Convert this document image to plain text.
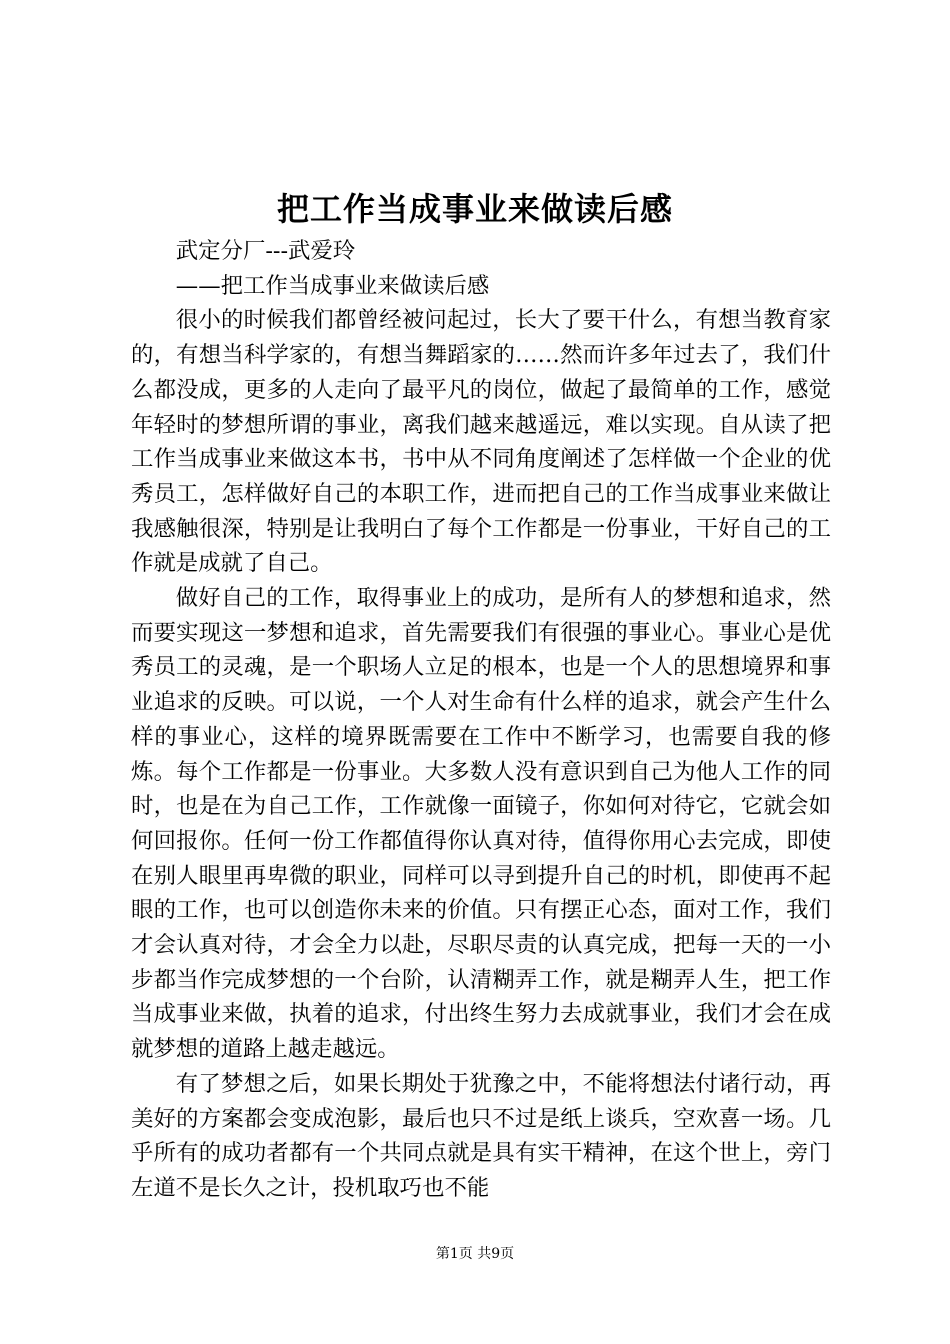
把工作当成事业来做读后感

武定分厂---武爱玲

——把工作当成事业来做读后感

很小的时候我们都曾经被问起过，长大了要干什么，有想当教育家的，有想当科学家的，有想当舞蹈家的……然而许多年过去了，我们什么都没成，更多的人走向了最平凡的岗位，做起了最简单的工作，感觉年轻时的梦想所谓的事业，离我们越来越遥远，难以实现。自从读了把工作当成事业来做这本书，书中从不同角度阐述了怎样做一个企业的优秀员工，怎样做好自己的本职工作，进而把自己的工作当成事业来做让我感触很深，特别是让我明白了每个工作都是一份事业，干好自己的工作就是成就了自己。

做好自己的工作，取得事业上的成功，是所有人的梦想和追求，然而要实现这一梦想和追求，首先需要我们有很强的事业心。事业心是优秀员工的灵魂，是一个职场人立足的根本，也是一个人的思想境界和事业追求的反映。可以说，一个人对生命有什么样的追求，就会产生什么样的事业心，这样的境界既需要在工作中不断学习，也需要自我的修炼。每个工作都是一份事业。大多数人没有意识到自己为他人工作的同时，也是在为自己工作，工作就像一面镜子，你如何对待它，它就会如何回报你。任何一份工作都值得你认真对待，值得你用心去完成，即使在别人眼里再卑微的职业，同样可以寻到提升自己的时机，即使再不起眼的工作，也可以创造你未来的价值。只有摆正心态，面对工作，我们才会认真对待，才会全力以赴，尽职尽责的认真完成，把每一天的一小步都当作完成梦想的一个台阶，认清糊弄工作，就是糊弄人生，把工作当成事业来做，执着的追求，付出终生努力去成就事业，我们才会在成就梦想的道路上越走越远。

有了梦想之后，如果长期处于犹豫之中，不能将想法付诸行动，再美好的方案都会变成泡影，最后也只不过是纸上谈兵，空欢喜一场。几乎所有的成功者都有一个共同点就是具有实干精神，在这个世上，旁门左道不是长久之计，投机取巧也不能

第1页 共9页
